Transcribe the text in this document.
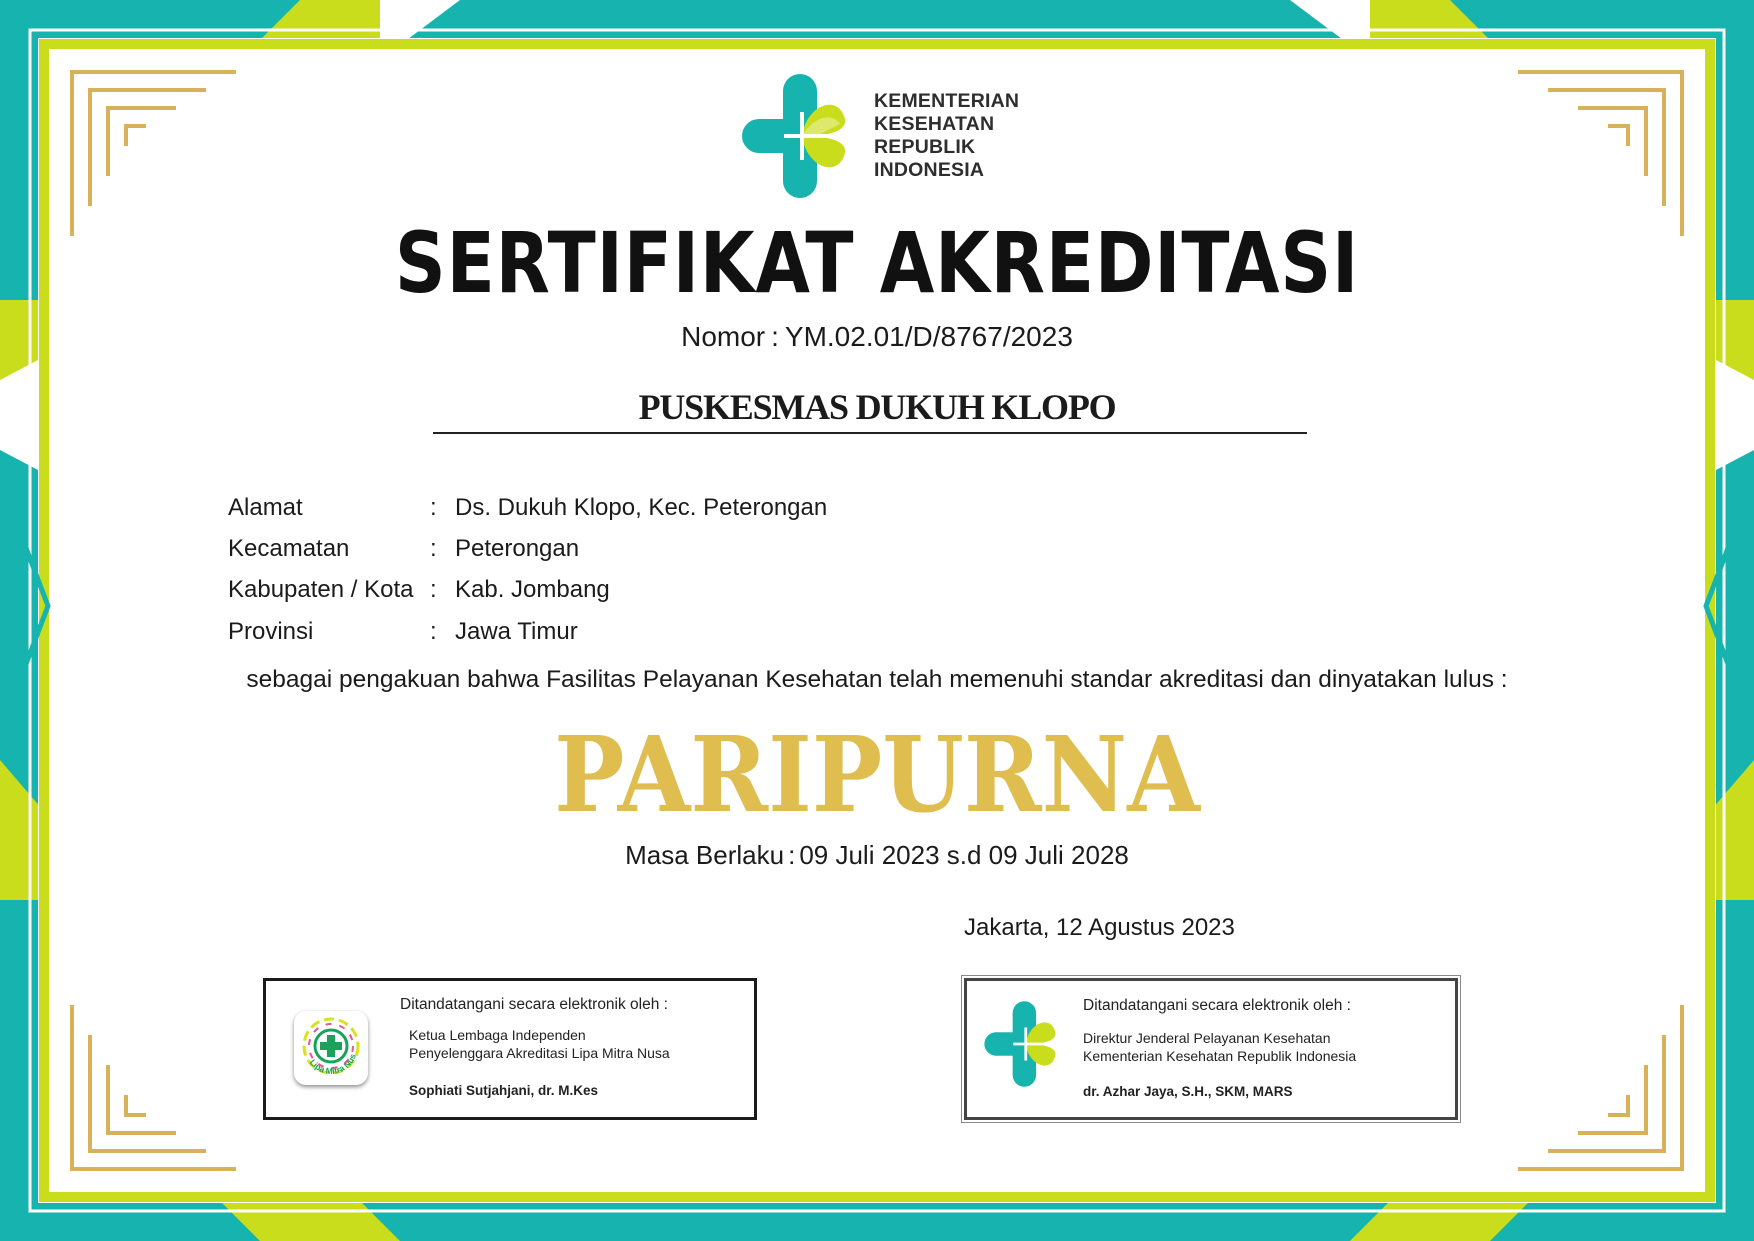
KEMENTERIAN
KESEHATAN
REPUBLIK
INDONESIA
SERTIFIKAT AKREDITASI
Nomor : YM.02.01/D/8767/2023
PUSKESMAS DUKUH KLOPO
Alamat	: Ds. Dukuh Klopo, Kec. Peterongan
Kecamatan	: Peterongan
Kabupaten / Kota : Kab. Jombang
Provinsi	: Jawa Timur
sebagai pengakuan bahwa Fasilitas Pelayanan Kesehatan telah memenuhi standar akreditasi dan dinyatakan lulus :
PARIPURNA
Masa Berlaku : 09 Juli 2023 s.d 09 Juli 2028
Jakarta, 12 Agustus 2023
Lipa Mitra Nus
Ditandatangani secara elektronik oleh :
Ketua Lembaga Independen
Penyelenggara Akreditasi Lipa Mitra Nusa
Sophiati Sutjahjani, dr. M.Kes
Ditandatangani secara elektronik oleh :
Direktur Jenderal Pelayanan Kesehatan
Kementerian Kesehatan Republik Indonesia
dr. Azhar Jaya, S.H., SKM, MARS
